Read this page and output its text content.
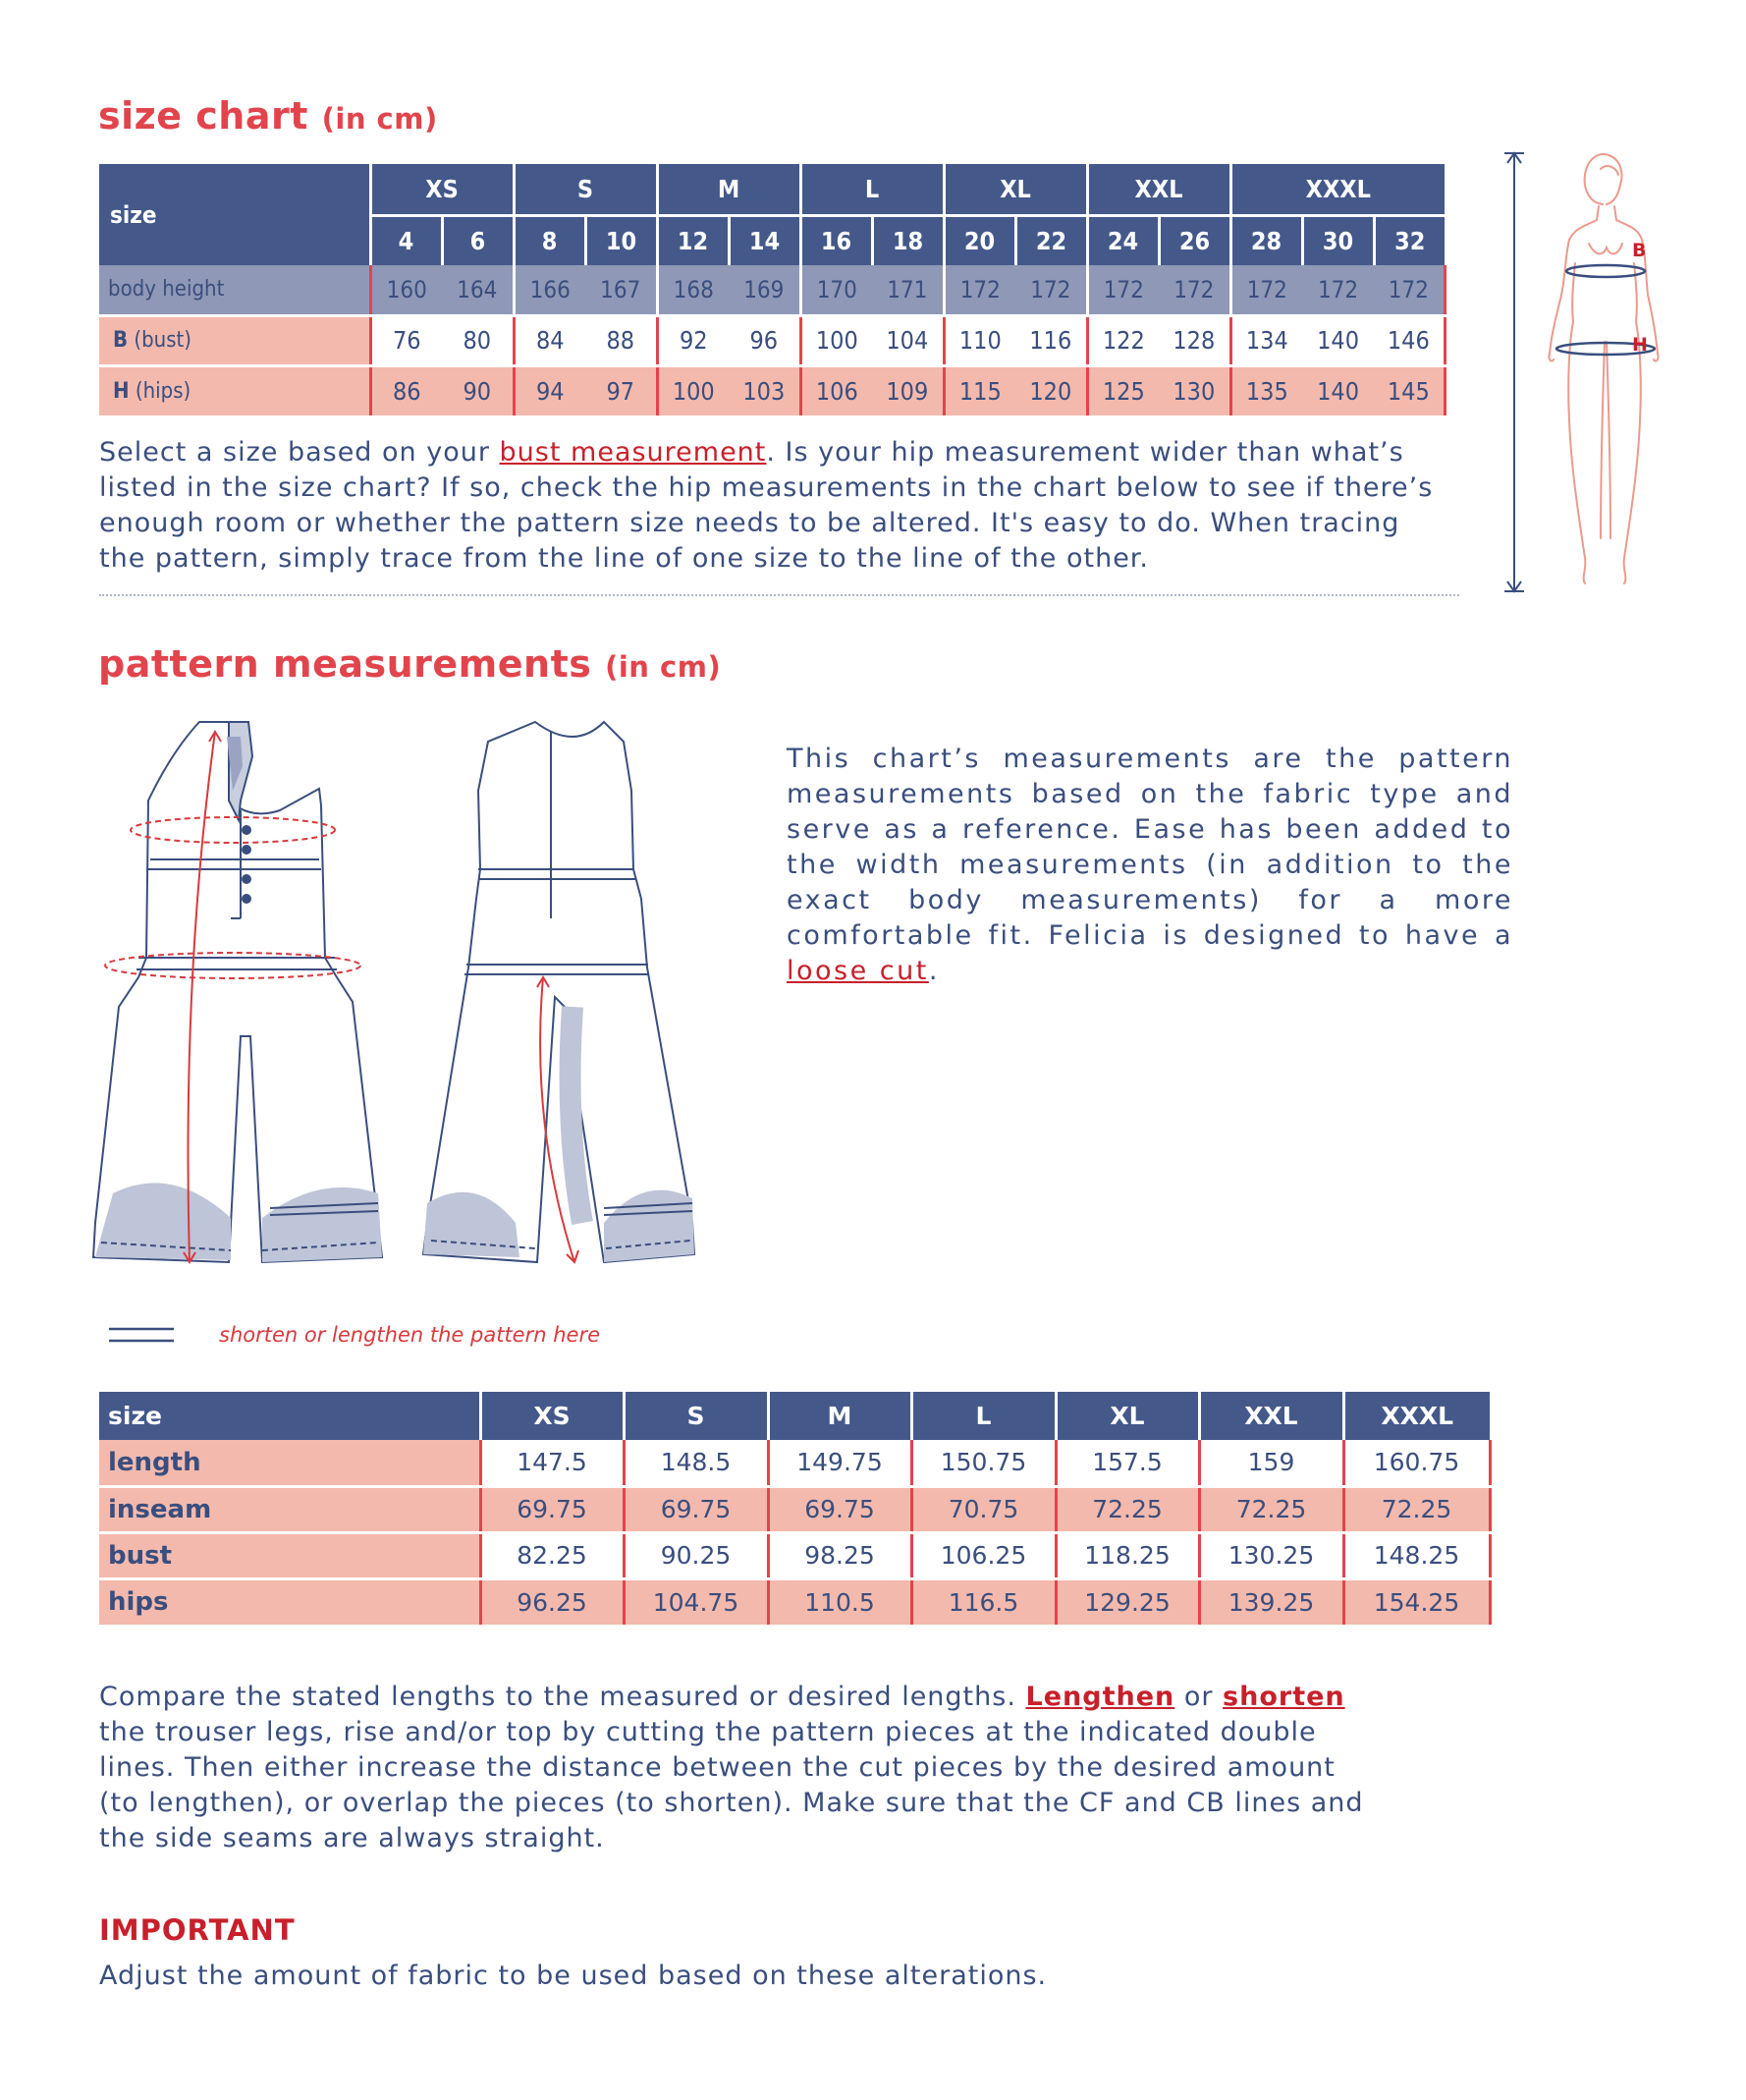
size chart (in cm)
size	XS		S		M		L		XL		XXL		XXXL		
	4	6	8	10	12	14	16	18	20	22	24	26	28	30	32
body height	160	164	166	167	168	169	170	171	172	172	172	172	172	172	172
B (bust)	76	80	84	88	92	96	100	104	110	116	122	128	134	140	146
H (hips)	86	90	94	97	100	103	106	109	115	120	125	130	135	140	145
B
H
Select a size based on your bust measurement. Is your hip measurement wider than what’s listed in the size chart? If so, check the hip measurements in the chart below to see if there’s enough room or whether the pattern size needs to be altered. It's easy to do. When tracing the pattern, simply trace from the line of one size to the line of the other.
pattern measurements (in cm)
This chart’s measurements are the pattern measurements based on the fabric type and serve as a reference. Ease has been added to the width measurements (in addition to the exact body measurements) for a more comfortable fit. Felicia is designed to have a loose cut.
shorten or lengthen the pattern here
size	XS	S	M	L	XL	XXL	XXXL
length	147.5	148.5	149.75	150.75	157.5	159	160.75
inseam	69.75	69.75	69.75	70.75	72.25	72.25	72.25
bust	82.25	90.25	98.25	106.25	118.25	130.25	148.25
hips	96.25	104.75	110.5	116.5	129.25	139.25	154.25
Compare the stated lengths to the measured or desired lengths. Lengthen or shorten the trouser legs, rise and/or top by cutting the pattern pieces at the indicated double lines. Then either increase the distance between the cut pieces by the desired amount (to lengthen), or overlap the pieces (to shorten). Make sure that the CF and CB lines and the side seams are always straight.
IMPORTANT
Adjust the amount of fabric to be used based on these alterations.
